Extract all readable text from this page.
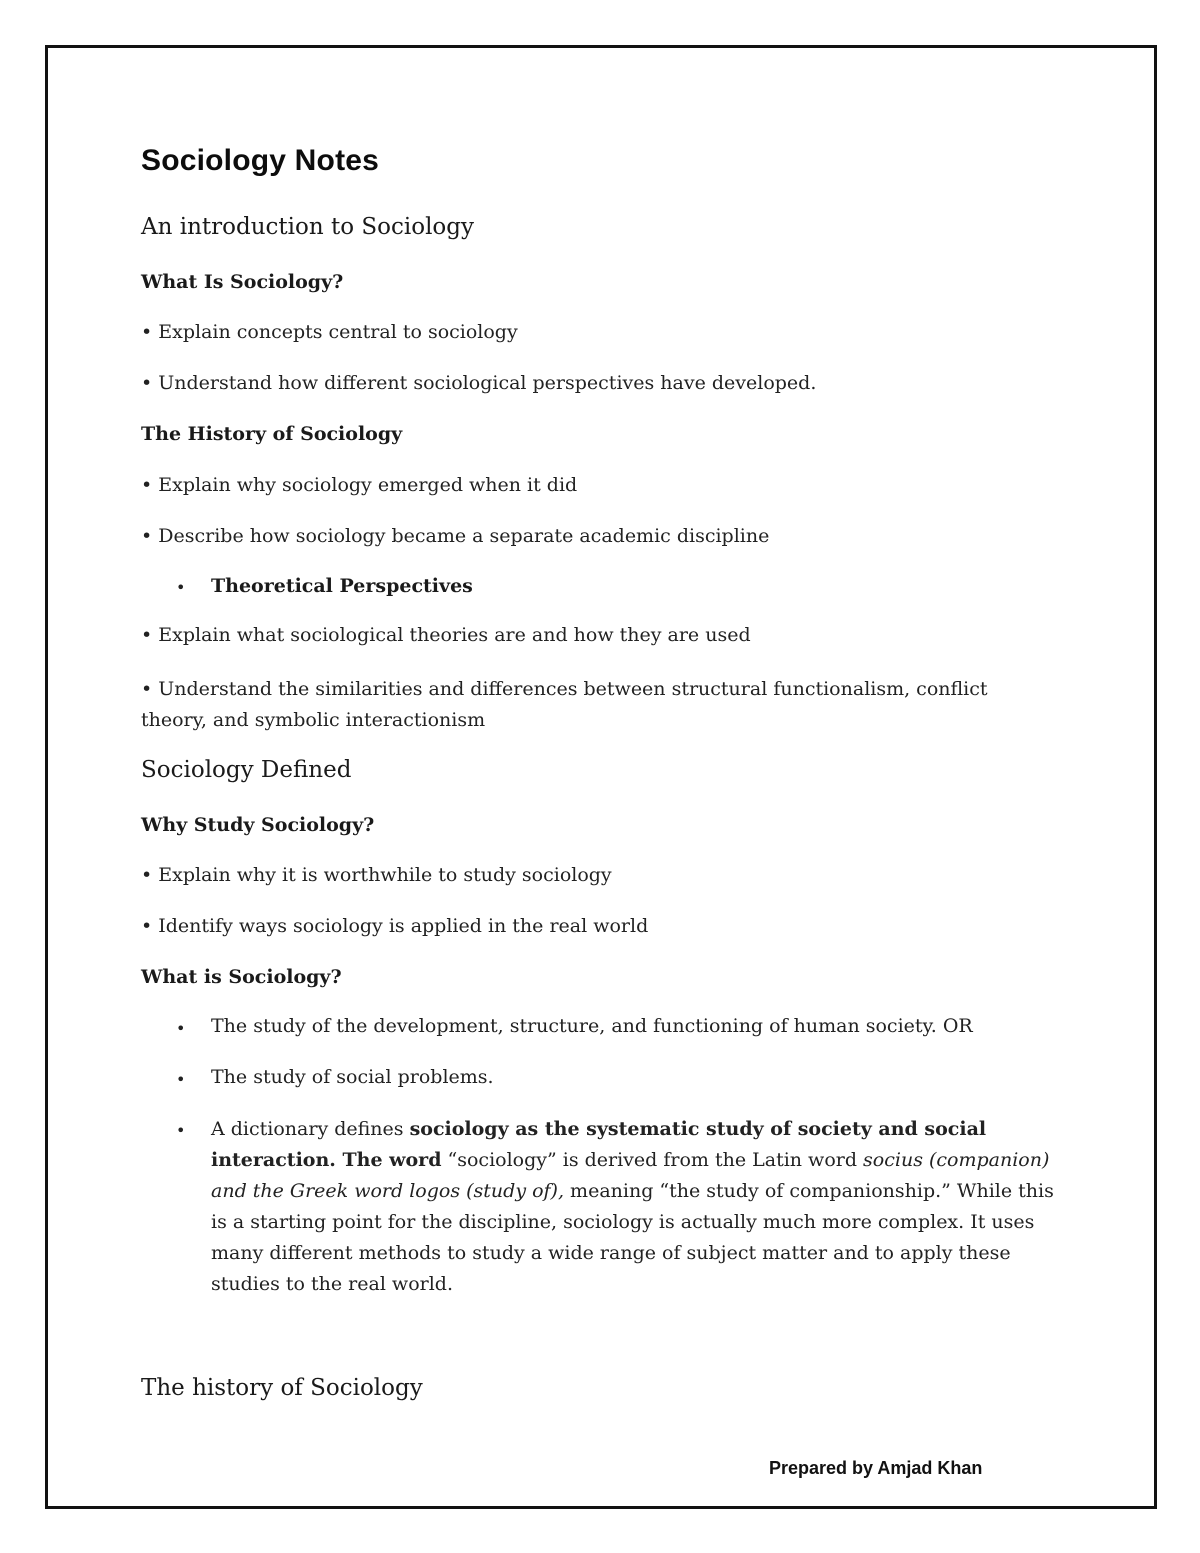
Sociology Notes
An introduction to Sociology
What Is Sociology?
• Explain concepts central to sociology
• Understand how different sociological perspectives have developed.
The History of Sociology
• Explain why sociology emerged when it did
• Describe how sociology became a separate academic discipline
• Theoretical Perspectives
• Explain what sociological theories are and how they are used
• Understand the similarities and differences between structural functionalism, conflict theory, and symbolic interactionism
Sociology Defined
Why Study Sociology?
• Explain why it is worthwhile to study sociology
• Identify ways sociology is applied in the real world
What is Sociology?
• The study of the development, structure, and functioning of human society. OR
• The study of social problems.
• A dictionary defines sociology as the systematic study of society and social interaction. The word “sociology” is derived from the Latin word socius (companion) and the Greek word logos (study of), meaning “the study of companionship.” While this is a starting point for the discipline, sociology is actually much more complex. It uses many different methods to study a wide range of subject matter and to apply these studies to the real world.
The history of Sociology
Prepared by Amjad Khan
